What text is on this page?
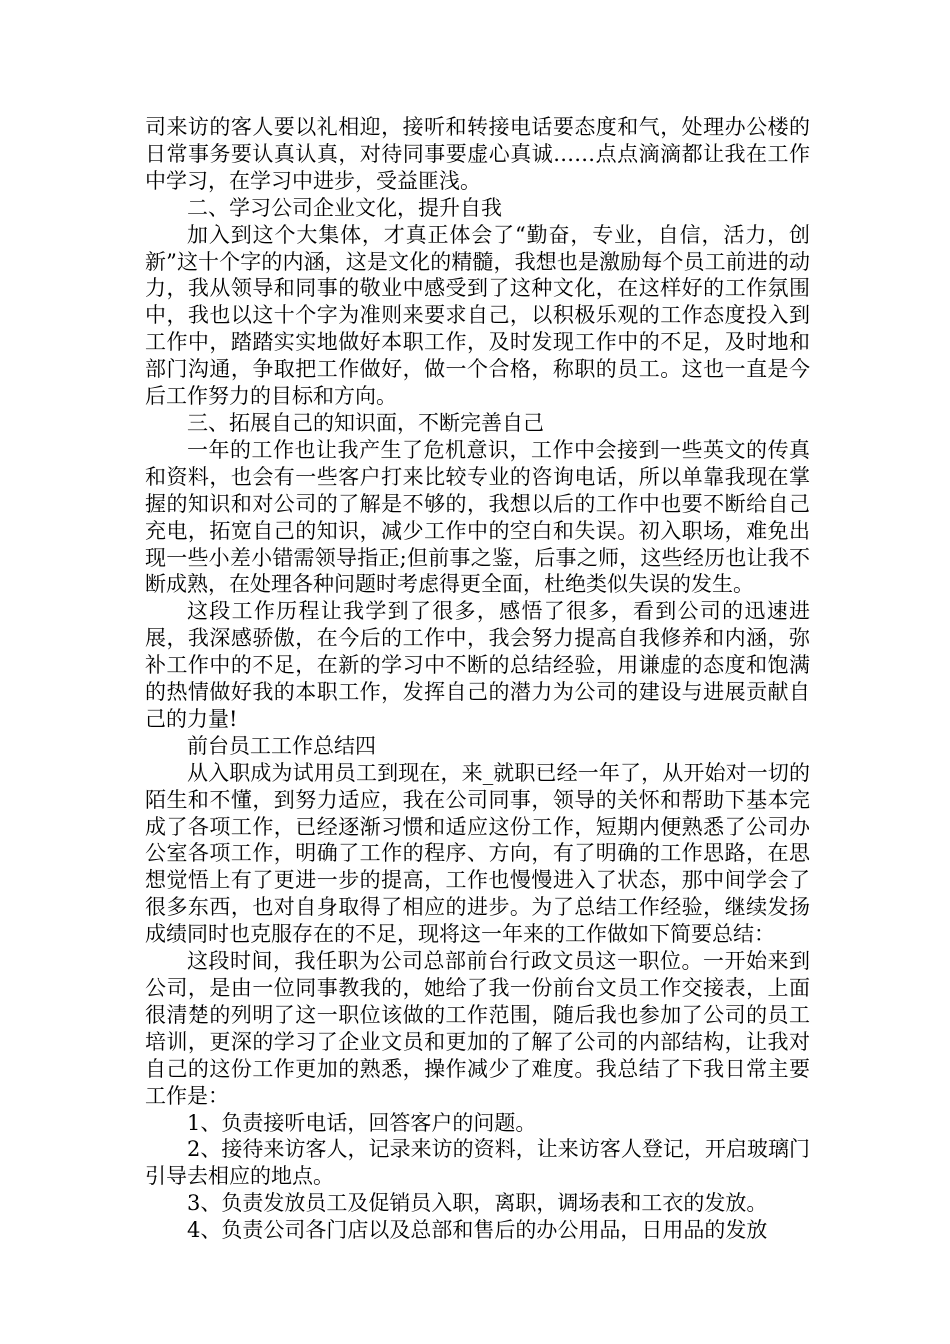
司来访的客人要以礼相迎，接听和转接电话要态度和气，处理办公楼的日常事务要认真认真，对待同事要虚心真诚……点点滴滴都让我在工作中学习，在学习中进步，受益匪浅。

二、学习公司企业文化，提升自我

加入到这个大集体，才真正体会了“勤奋，专业，自信，活力，创新”这十个字的内涵，这是文化的精髓，我想也是激励每个员工前进的动力，我从领导和同事的敬业中感受到了这种文化，在这样好的工作氛围中，我也以这十个字为准则来要求自己，以积极乐观的工作态度投入到工作中，踏踏实实地做好本职工作，及时发现工作中的不足，及时地和部门沟通，争取把工作做好，做一个合格，称职的员工。这也一直是今后工作努力的目标和方向。

三、拓展自己的知识面，不断完善自己

一年的工作也让我产生了危机意识，工作中会接到一些英文的传真和资料，也会有一些客户打来比较专业的咨询电话，所以单靠我现在掌握的知识和对公司的了解是不够的，我想以后的工作中也要不断给自己充电，拓宽自己的知识，减少工作中的空白和失误。初入职场，难免出现一些小差小错需领导指正;但前事之鉴，后事之师，这些经历也让我不断成熟，在处理各种问题时考虑得更全面，杜绝类似失误的发生。

这段工作历程让我学到了很多，感悟了很多，看到公司的迅速进展，我深感骄傲，在今后的工作中，我会努力提高自我修养和内涵，弥补工作中的不足，在新的学习中不断的总结经验，用谦虚的态度和饱满的热情做好我的本职工作，发挥自己的潜力为公司的建设与进展贡献自己的力量!

前台员工工作总结四

从入职成为试用员工到现在，来_就职已经一年了，从开始对一切的陌生和不懂，到努力适应，我在公司同事，领导的关怀和帮助下基本完成了各项工作，已经逐渐习惯和适应这份工作，短期内便熟悉了公司办公室各项工作，明确了工作的程序、方向，有了明确的工作思路，在思想觉悟上有了更进一步的提高，工作也慢慢进入了状态，那中间学会了很多东西，也对自身取得了相应的进步。为了总结工作经验，继续发扬成绩同时也克服存在的不足，现将这一年来的工作做如下简要总结：

这段时间，我任职为公司总部前台行政文员这一职位。一开始来到公司，是由一位同事教我的，她给了我一份前台文员工作交接表，上面很清楚的列明了这一职位该做的工作范围，随后我也参加了公司的员工培训，更深的学习了企业文员和更加的了解了公司的内部结构，让我对自己的这份工作更加的熟悉，操作减少了难度。我总结了下我日常主要工作是：

1、负责接听电话，回答客户的问题。

2、接待来访客人，记录来访的资料，让来访客人登记，开启玻璃门引导去相应的地点。

3、负责发放员工及促销员入职，离职，调场表和工衣的发放。

4、负责公司各门店以及总部和售后的办公用品，日用品的发放
